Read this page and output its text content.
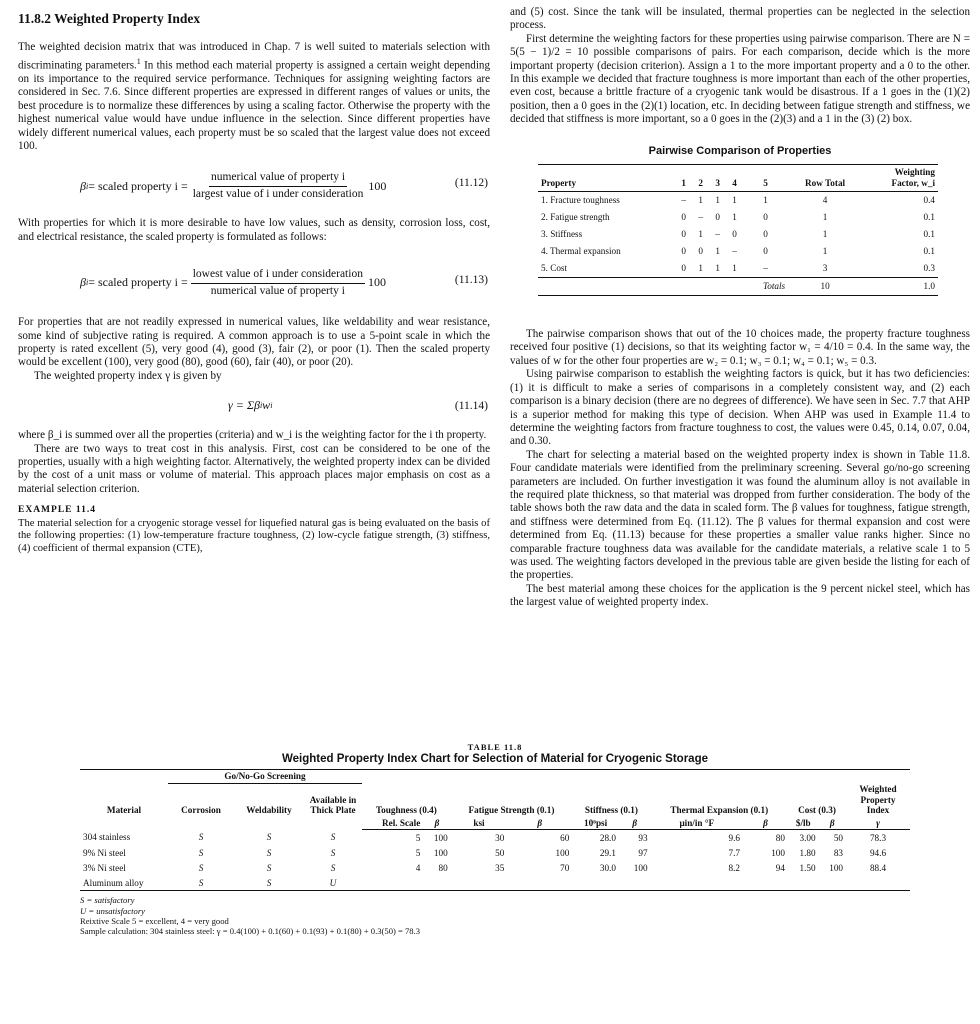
11.8.2 Weighted Property Index

The weighted decision matrix that was introduced in Chap. 7 is well suited to materials selection with discriminating parameters.$^1$ In this method each material property is assigned a certain weight depending on its importance to the required service performance. Techniques for assigning weighting factors are considered in Sec. 7.6. Since different properties are expressed in different ranges of values or units, the best procedure is to normalize these differences by using a scaling factor. Otherwise the property with the highest numerical value would have undue influence in the selection. Since different properties have widely different numerical values, each property must be so scaled that the largest value does not exceed 100.

β i = scaled property $i = \frac{\text{numerical value of property i}}{\text{largest value of i under consideration}} 100$	(11.12)

With properties for which it is more desirable to have low values, such as density, corrosion loss, cost, and electrical resistance, the scaled property is formulated as follows:

β i = scaled property $i = \frac{\text{lowest value of i under consideration}}{\text{numerical value of property i}} 100$	(11.13)

For properties that are not readily expressed in numerical values, like weldability and wear resistance, some kind of subjective rating is required. A common approach is to use a 5-point scale in which the property is rated excellent (5), very good (4), good (3), fair (2), or poor (1). Then the scaled property would be excellent (100), very good (80), good (60), fair (40), or poor (20).

The weighted property index γ is given by

γ = Σβ i w i	(11.14)

where β_i is summed over all the properties (criteria) and w_i is the weighting factor for the i th property.

There are two ways to treat cost in this analysis. First, cost can be considered to be one of the properties, usually with a high weighting factor. Alternatively, the weighted property index can be divided by the cost of a unit mass or volume of material. This approach places major emphasis on cost as a material selection criterion.

EXAMPLE 11.4

The material selection for a cryogenic storage vessel for liquefied natural gas is being evaluated on the basis of the following properties: (1) low-temperature fracture toughness, (2) low-cycle fatigue strength, (3) stiffness, (4) coefficient of thermal expansion (CTE),

and (5) cost. Since the tank will be insulated, thermal properties can be neglected in the selection process.

First determine the weighting factors for these properties using pairwise comparison. There are N = 5(5 − 1)/2 = 10 possible comparisons of pairs. For each comparison, decide which is the more important property (decision criterion). Assign a 1 to the more important property and a 0 to the other. In this example we decided that fracture toughness is more important than each of the other properties, even cost, because a brittle fracture of a cryogenic tank would be disastrous. If a 1 goes in the (1)(2) position, then a 0 goes in the (2)(1) location, etc. In deciding between fatigue strength and stiffness, we decided that stiffness is more important, so a 0 goes in the (2)(3) and a 1 in the (3) (2) box.

Pairwise Comparison of Properties
Property	1	2	3	4	5	Row Total	Weighting Factor, w_i
1. Fracture toughness	–	1	1	1	1	4	0.4
2. Fatigue strength	0	–	0	1	0	1	0.1
3. Stiffness	0	1	–	0	0	1	0.1
4. Thermal expansion	0	0	1	–	0	1	0.1
5. Cost	0	1	1	1	–	3	0.3
					Totals	10	1.0

The pairwise comparison shows that out of the 10 choices made, the property fracture toughness received four positive (1) decisions, so that its weighting factor w₁ = 4/10 = 0.4. In the same way, the values of w for the other four properties are w₂ = 0.1; w₃ = 0.1; w₄ = 0.1; w₅ = 0.3.

Using pairwise comparison to establish the weighting factors is quick, but it has two deficiencies: (1) it is difficult to make a series of comparisons in a completely consistent way, and (2) each comparison is a binary decision (there are no degrees of difference). We have seen in Sec. 7.7 that AHP is a superior method for making this type of decision. When AHP was used in Example 11.4 to determine the weighting factors from fracture toughness to cost, the values were 0.45, 0.14, 0.07, 0.04, and 0.30.

The chart for selecting a material based on the weighted property index is shown in Table 11.8. Four candidate materials were identified from the preliminary screening. Several go/no-go screening parameters are included. On further investigation it was found the aluminum alloy is not available in the required plate thickness, so that material was dropped from further consideration. The body of the table shows both the raw data and the data in scaled form. The β values for toughness, fatigue strength, and stiffness were determined from Eq. (11.12). The β values for thermal expansion and cost were determined from Eq. (11.13) because for these properties a smaller value ranks higher. Since no comparable fracture toughness data was available for the candidate materials, a relative scale 1 to 5 was used. The weighting factors developed in the previous table are given beside the listing for each of the properties.

The best material among these choices for the application is the 9 percent nickel steel, which has the largest value of weighted property index.

TABLE 11.8
Weighted Property Index Chart for Selection of Material for Cryogenic Storage
	Go/No-Go Screening													
Material	Corrosion	Weldability	Available in Thick Plate	Toughness (0.4)		Fatigue Strength (0.1)		Stiffness (0.1)		Thermal Expansion (0.1)		Cost (0.3)		Weighted Property Index
				Rel. Scale	β	ksi	β	10⁶psi	β	μin/in °F	β	$/lb	β	γ
304 stainless	S	S	S	5	100	30	60	28.0	93	9.6	80	3.00	50	78.3
9% Ni steel	S	S	S	5	100	50	100	29.1	97	7.7	100	1.80	83	94.6
3% Ni steel	S	S	S	4	80	35	70	30.0	100	8.2	94	1.50	100	88.4
Aluminum alloy	S	S	U											
S = satisfactory
U = unsatisfactory
Reixtive Scale 5 = excellent, 4 = very good
Sample calculation: 304 stainless steel: γ = 0.4(100) + 0.1(60) + 0.1(93) + 0.1(80) + 0.3(50) = 78.3
